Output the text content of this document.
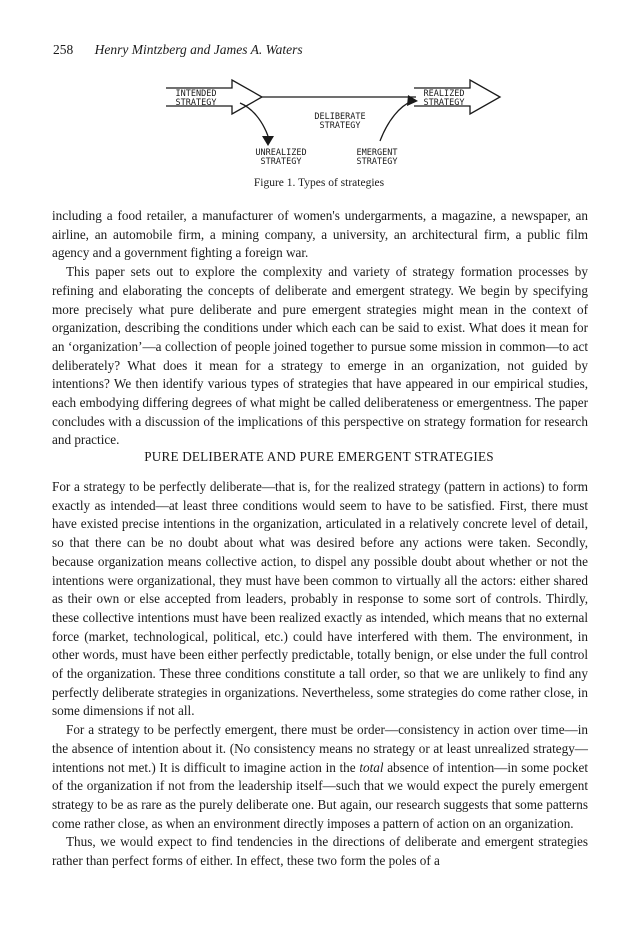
258 Henry Mintzberg and James A. Waters
INTENDED
STRATEGY
REALIZED
STRATEGY
DELIBERATE
STRATEGY
UNREALIZED
STRATEGY
EMERGENT
STRATEGY
Figure 1. Types of strategies

including a food retailer, a manufacturer of women's undergarments, a magazine, a newspaper, an airline, an automobile firm, a mining company, a university, an architectural firm, a public film agency and a government fighting a foreign war.

This paper sets out to explore the complexity and variety of strategy formation processes by refining and elaborating the concepts of deliberate and emergent strategy. We begin by specifying more precisely what pure deliberate and pure emergent strategies might mean in the context of organization, describing the conditions under which each can be said to exist. What does it mean for an ‘organization’—a collection of people joined together to pursue some mission in common—to act deliberately? What does it mean for a strategy to emerge in an organization, not guided by intentions? We then identify various types of strategies that have appeared in our empirical studies, each embodying differing degrees of what might be called deliberateness or emergentness. The paper concludes with a discussion of the implications of this perspective on strategy formation for research and practice.

PURE DELIBERATE AND PURE EMERGENT STRATEGIES

For a strategy to be perfectly deliberate—that is, for the realized strategy (pattern in actions) to form exactly as intended—at least three conditions would seem to have to be satisfied. First, there must have existed precise intentions in the organization, articulated in a relatively concrete level of detail, so that there can be no doubt about what was desired before any actions were taken. Secondly, because organization means collective action, to dispel any possible doubt about whether or not the intentions were organizational, they must have been common to virtually all the actors: either shared as their own or else accepted from leaders, probably in response to some sort of controls. Thirdly, these collective intentions must have been realized exactly as intended, which means that no external force (market, technological, political, etc.) could have interfered with them. The environment, in other words, must have been either perfectly predictable, totally benign, or else under the full control of the organization. These three conditions constitute a tall order, so that we are unlikely to find any perfectly deliberate strategies in organizations. Nevertheless, some strategies do come rather close, in some dimensions if not all.

For a strategy to be perfectly emergent, there must be order—consistency in action over time—in the absence of intention about it. (No consistency means no strategy or at least unrealized strategy—intentions not met.) It is difficult to imagine action in the total absence of intention—in some pocket of the organization if not from the leadership itself—such that we would expect the purely emergent strategy to be as rare as the purely deliberate one. But again, our research suggests that some patterns come rather close, as when an environment directly imposes a pattern of action on an organization.

Thus, we would expect to find tendencies in the directions of deliberate and emergent strategies rather than perfect forms of either. In effect, these two form the poles of a
